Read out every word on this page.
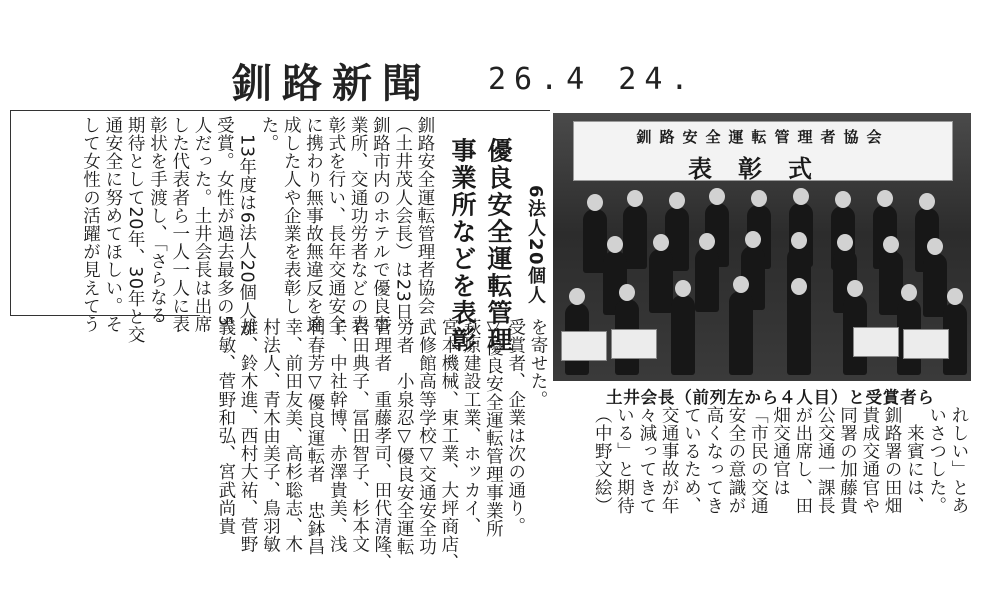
釧路新聞 26.4 24.

優良安全運転管理
事業所などを表彰	6法人20個人
釧路安全運転管理者協会
（土井茂人会長）は23日、
釧路市内のホテルで優良事
業所、交通功労者などの表
彰式を行い、長年交通安全
に携わり無事故無違反を達
成した人や企業を表彰し
た。
　13年度は6法人20個人が
受賞。女性が過去最多の5
人だった。土井会長は出席
した代表者ら一人一人に表
彰状を手渡し、「さらなる
期待として20年、30年と交
通安全に努めてほしい。そ
して女性の活躍が見えてう
を寄せた。
受賞者、企業は次の通り。
▽優良安全運転管理事業所
萩原建設工業、ホッカイ、
宮本機械、東工業、大坪商店、
武修館高等学校▽交通安全功
労者　小泉忍▽優良安全運転
管理者　重藤孝司、田代清隆、
岩田典子、冨田智子、杉本文
子、中社幹博、赤澤貴美、浅
利春芳▽優良運転者　忠鉢昌
幸、前田友美、高杉聡志、木
村法人、青木由美子、鳥羽敏
雄、鈴木進、西村大祐、菅野
義敏、菅野和弘、宮武尚貴	れしい」とあ
いさつした。
　来賓には、
釧路署の田畑
貴成交通官や
同署の加藤貴
公交通一課長
が出席し、田
畑交通官は
「市民の交通
安全の意識が
高くなってき
ているため、
交通事故が年
々減ってきて
いる」と期待
（中野文絵）
釧路安全運転管理者協会
表彰式
土井会長（前列左から４人目）と受賞者ら
